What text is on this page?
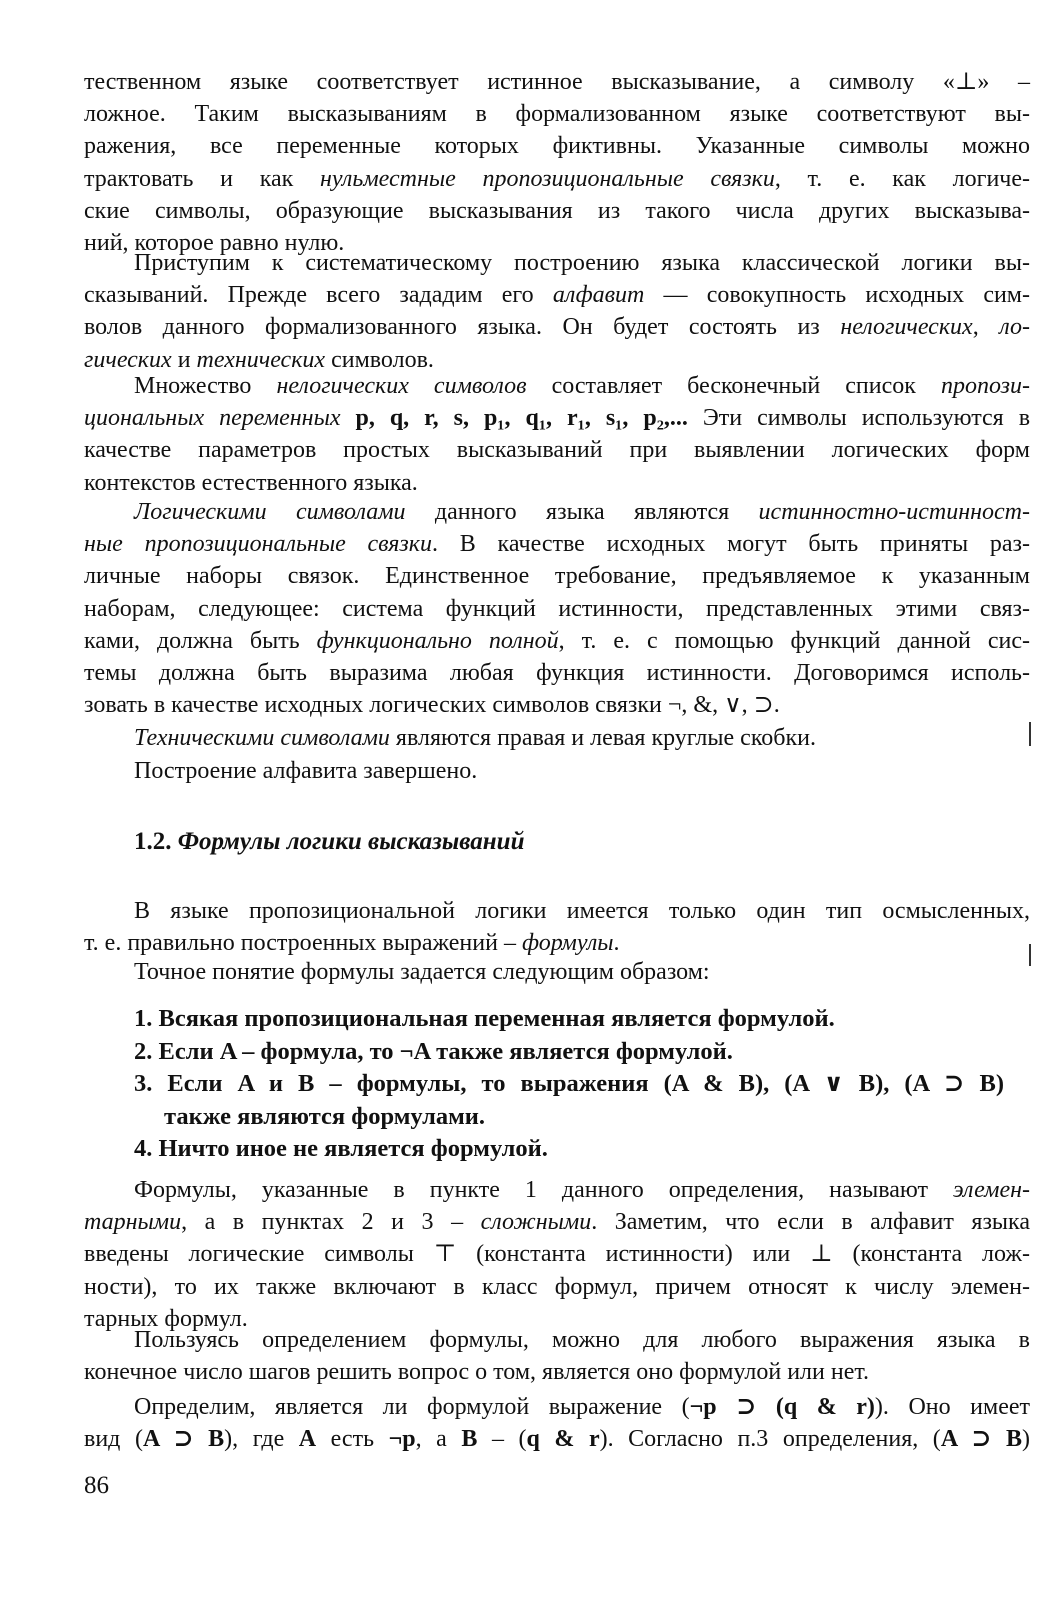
тественном языке соответствует истинное высказывание, а символу «⊥» –
ложное. Таким высказываниям в формализованном языке соответствуют вы-
ражения, все переменные которых фиктивны. Указанные символы можно
трактовать и как нульместные пропозициональные связки, т. е. как логиче-
ские символы, образующие высказывания из такого числа других высказыва-
ний, которое равно нулю.

Приступим к систематическому построению языка классической логики вы-
сказываний. Прежде всего зададим его алфавит — совокупность исходных сим-
волов данного формализованного языка. Он будет состоять из нелогических, ло-
гических и технических символов.

Множество нелогических символов составляет бесконечный список пропози-
циональных переменных p, q, r, s, p₁, q₁, r₁, s₁, p₂,... Эти символы используются в
качестве параметров простых высказываний при выявлении логических форм
контекстов естественного языка.

Логическими символами данного языка являются истинностно-истинност-
ные пропозициональные связки. В качестве исходных могут быть приняты раз-
личные наборы связок. Единственное требование, предъявляемое к указанным
наборам, следующее: система функций истинности, представленных этими связ-
ками, должна быть функционально полной, т. е. с помощью функций данной сис-
темы должна быть выразима любая функция истинности. Договоримся исполь-
зовать в качестве исходных логических символов связки ¬, &, ∨, ⊃.

Техническими символами являются правая и левая круглые скобки.

Построение алфавита завершено.

1.2. Формулы логики высказываний

В языке пропозициональной логики имеется только один тип осмысленных,
т. е. правильно построенных выражений – формулы.

Точное понятие формулы задается следующим образом:

1. Всякая пропозициональная переменная является формулой.
2. Если A – формула, то ¬A также является формулой.
3. Если A и B – формулы, то выражения (A & B), (A ∨ B), (A ⊃ B)
также являются формулами.
4. Ничто иное не является формулой.

Формулы, указанные в пункте 1 данного определения, называют элемен-
тарными, а в пунктах 2 и 3 – сложными. Заметим, что если в алфавит языка
введены логические символы ⊤ (константа истинности) или ⊥ (константа лож-
ности), то их также включают в класс формул, причем относят к числу элемен-
тарных формул.

Пользуясь определением формулы, можно для любого выражения языка в
конечное число шагов решить вопрос о том, является оно формулой или нет.

Определим, является ли формулой выражение (¬p ⊃ (q & r)). Оно имеет
вид (A ⊃ B), где A есть ¬p, а B – (q & r). Согласно п.3 определения, (A ⊃ B)

86
